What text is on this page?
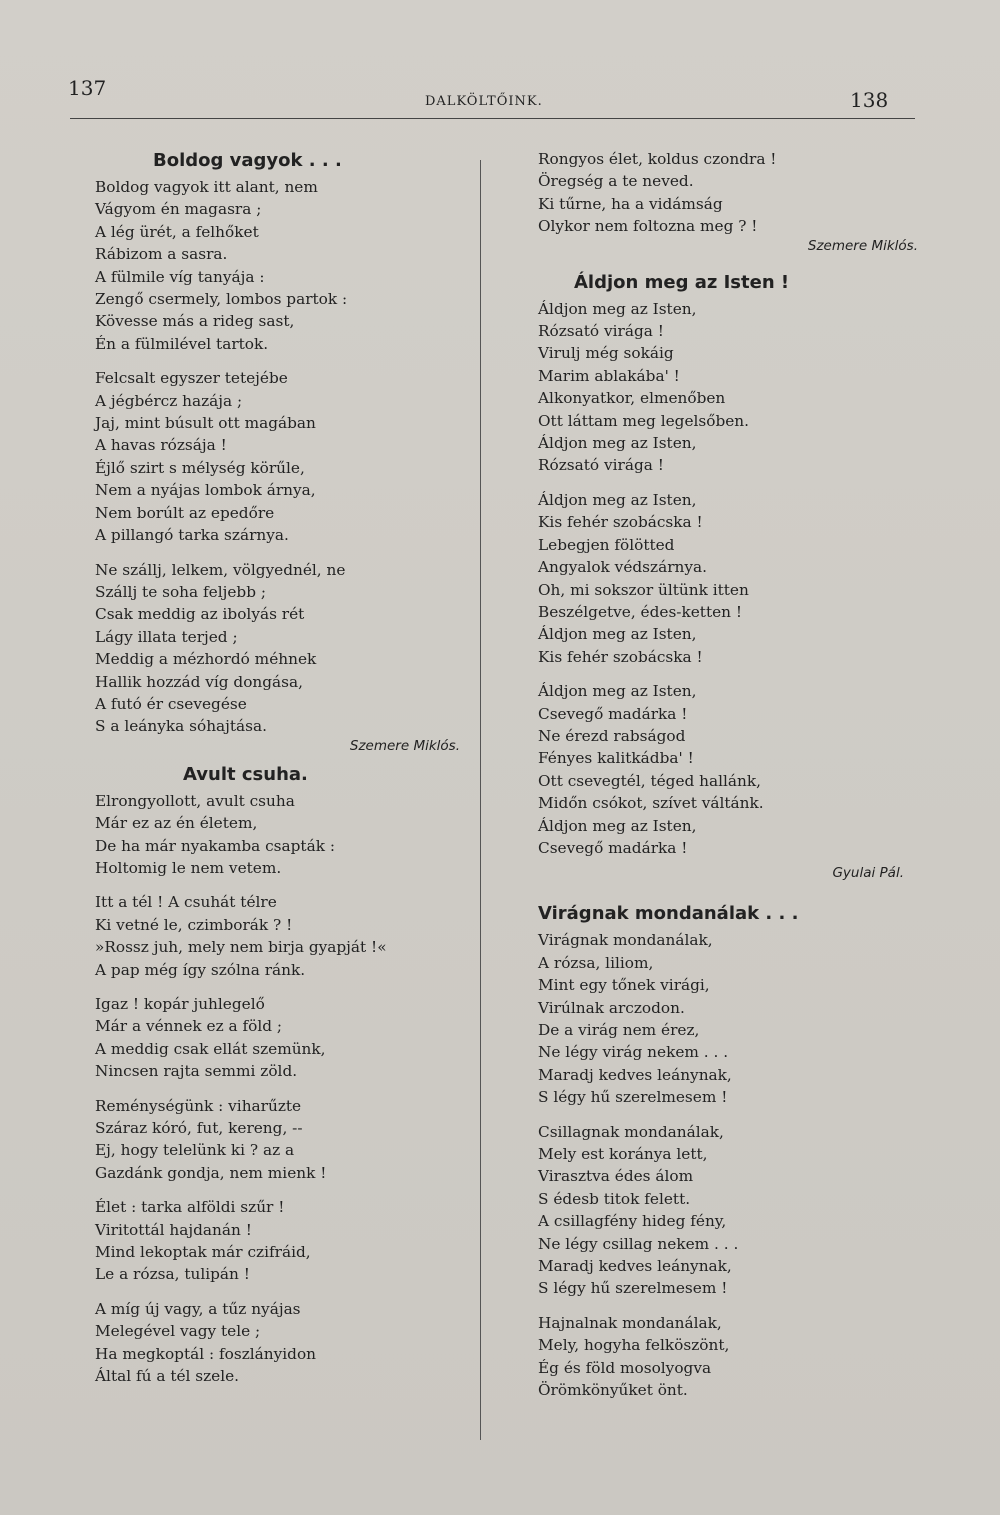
137
DALKÖLTŐINK.	138
Boldog vagyok . . .
Boldog vagyok itt alant, nem
Vágyom én magasra ;
A lég ürét, a felhőket
Rábizom a sasra.
A fülmile víg tanyája :
Zengő csermely, lombos partok :
Kövesse más a rideg sast,
Én a fülmilével tartok.
Felcsalt egyszer tetejébe
A jégbércz hazája ;
Jaj, mint búsult ott magában
A havas rózsája !
Éjlő szirt s mélység körűle,
Nem a nyájas lombok árnya,
Nem borúlt az epedőre
A pillangó tarka szárnya.
Ne szállj, lelkem, völgyednél, ne
Szállj te soha feljebb ;
Csak meddig az ibolyás rét
Lágy illata terjed ;
Meddig a mézhordó méhnek
Hallik hozzád víg dongása,
A futó ér csevegése
S a leányka sóhajtása.
Szemere Miklós.
Avult csuha.
Elrongyollott, avult csuha
Már ez az én életem,
De ha már nyakamba csapták :
Holtomig le nem vetem.
Itt a tél ! A csuhát télre
Ki vetné le, czimborák ? !
»Rossz juh, mely nem birja gyapját !«
A pap még így szólna ránk.
Igaz ! kopár juhlegelő
Már a vénnek ez a föld ;
A meddig csak ellát szemünk,
Nincsen rajta semmi zöld.
Reménységünk : viharűzte
Száraz kóró, fut, kereng, --
Ej, hogy telelünk ki ? az a
Gazdánk gondja, nem mienk !
Élet : tarka alföldi szűr !
Viritottál hajdanán !
Mind lekoptak már czifráid,
Le a rózsa, tulipán !
A míg új vagy, a tűz nyájas
Melegével vagy tele ;
Ha megkoptál : foszlányidon
Által fú a tél szele.
Rongyos élet, koldus czondra !
Öregség a te neved.
Ki tűrne, ha a vidámság
Olykor nem foltozna meg ? !
Szemere Miklós.
Áldjon meg az Isten !
Áldjon meg az Isten,
Rózsató virága !
Virulj még sokáig
Marim ablakába' !
Alkonyatkor, elmenőben
Ott láttam meg legelsőben.
Áldjon meg az Isten,
Rózsató virága !
Áldjon meg az Isten,
Kis fehér szobácska !
Lebegjen fölötted
Angyalok védszárnya.
Oh, mi sokszor ültünk itten
Beszélgetve, édes-ketten !
Áldjon meg az Isten,
Kis fehér szobácska !
Áldjon meg az Isten,
Csevegő madárka !
Ne érezd rabságod
Fényes kalitkádba' !
Ott csevegtél, téged hallánk,
Midőn csókot, szívet váltánk.
Áldjon meg az Isten,
Csevegő madárka !
Gyulai Pál.
Virágnak mondanálak . . .
Virágnak mondanálak,
A rózsa, liliom,
Mint egy tőnek virági,
Virúlnak arczodon.
De a virág nem érez,
Ne légy virág nekem . . .
Maradj kedves leánynak,
S légy hű szerelmesem !
Csillagnak mondanálak,
Mely est koránya lett,
Virasztva édes álom
S édesb titok felett.
A csillagfény hideg fény,
Ne légy csillag nekem . . .
Maradj kedves leánynak,
S légy hű szerelmesem !
Hajnalnak mondanálak,
Mely, hogyha felköszönt,
Ég és föld mosolyogva
Örömkönyűket önt.
